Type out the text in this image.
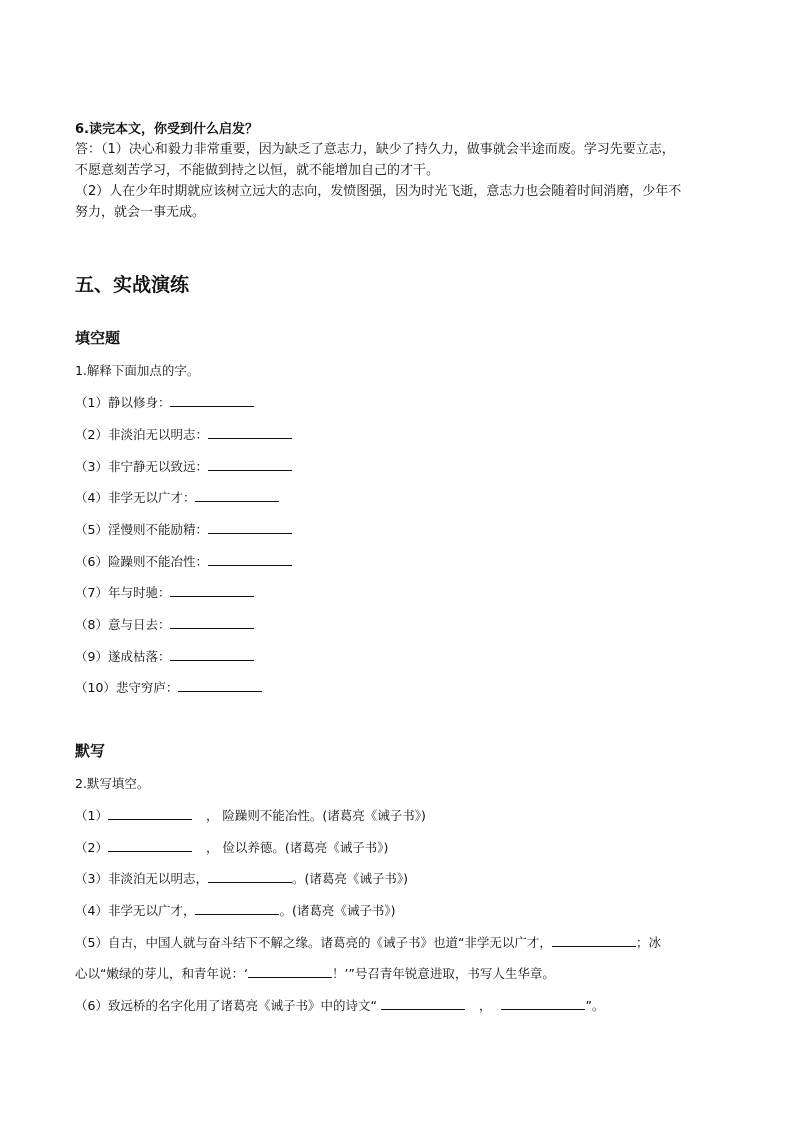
6.读完本文，你受到什么启发？
答：（1）决心和毅力非常重要，因为缺乏了意志力，缺少了持久力，做事就会半途而废。学习先要立志，
不愿意刻苦学习，不能做到持之以恒，就不能增加自己的才干。
（2）人在少年时期就应该树立远大的志向，发愤图强，因为时光飞逝，意志力也会随着时间消磨，少年不
努力，就会一事无成。
五、实战演练
填空题
1.解释下面加点的字。
（1）静以修身：
（2）非淡泊无以明志：
（3）非宁静无以致远：
（4）非学无以广才：
（5）淫慢则不能励精：
（6）险躁则不能冶性：
（7）年与时驰：
（8）意与日去：
（9）遂成枯落：
（10）悲守穷庐：
默写
2.默写填空。
（1）	， 险躁则不能冶性。(诸葛亮《诫子书》)
（2）	， 俭以养德。(诸葛亮《诫子书》)
（3）非淡泊无以明志，	。(诸葛亮《诫子书》)
（4）非学无以广才，	。(诸葛亮《诫子书》)
（5）自古，中国人就与奋斗结下不解之缘。诸葛亮的《诫子书》也道“非学无以广才，	；冰
心以“嫩绿的芽儿，和青年说：‘	！’”号召青年锐意进取，书写人生华章。
（6）致远桥的名字化用了诸葛亮《诫子书》中的诗文“	，	”。
